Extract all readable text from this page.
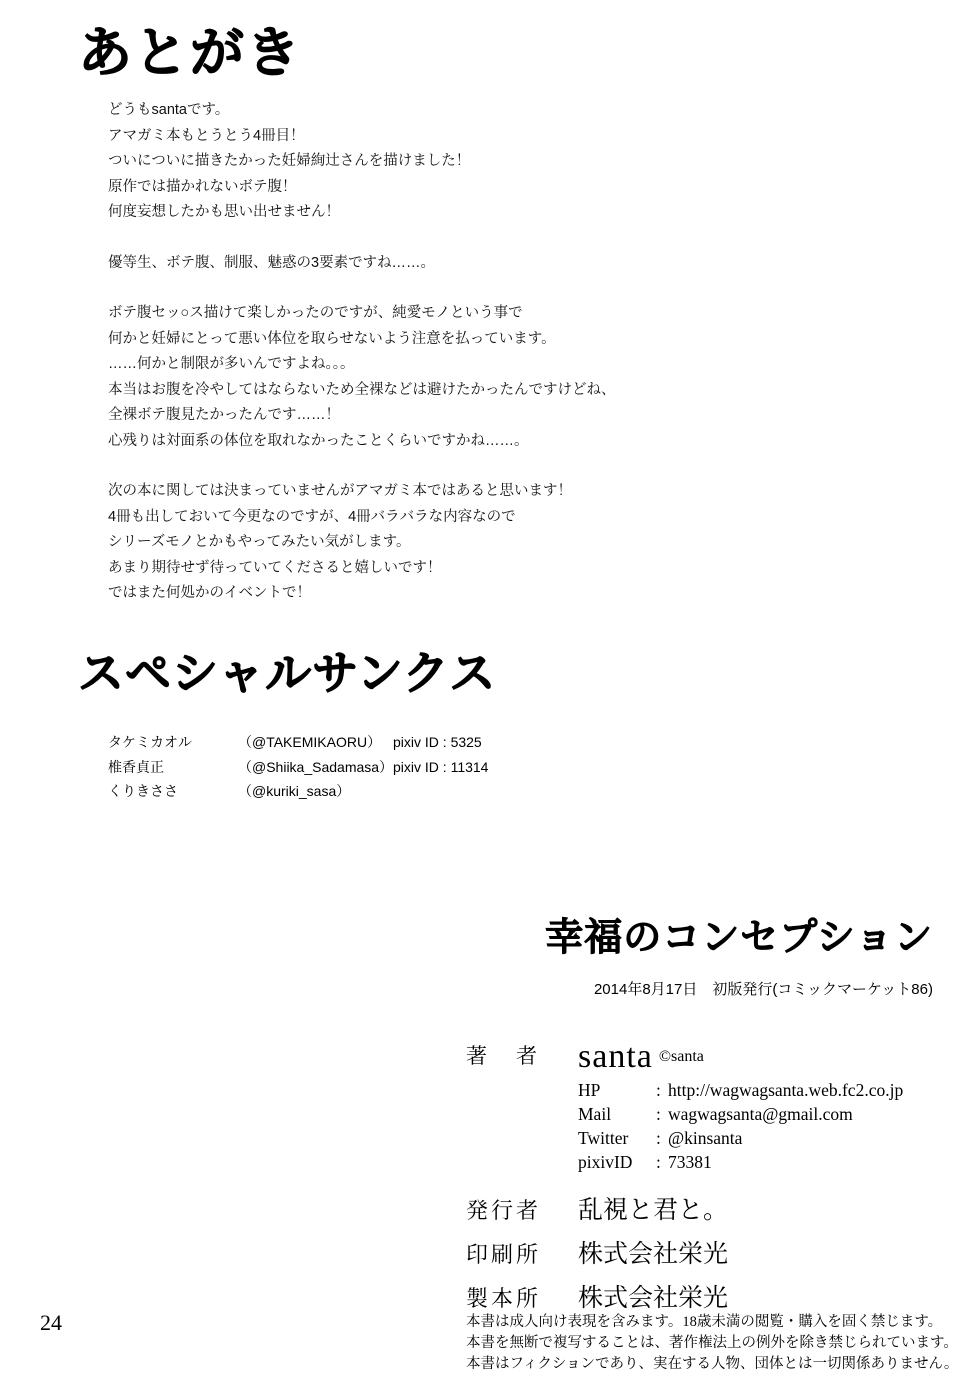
あとがき

どうもsantaです。

アマガミ本もとうとう4冊目！

ついについに描きたかった妊婦絢辻さんを描けました！

原作では描かれないボテ腹！

何度妄想したかも思い出せません！

優等生、ボテ腹、制服、魅惑の3要素ですね……。

ボテ腹セッ○ス描けて楽しかったのですが、純愛モノという事で

何かと妊婦にとって悪い体位を取らせないよう注意を払っています。

……何かと制限が多いんですよね。。。

本当はお腹を冷やしてはならないため全裸などは避けたかったんですけどね、

全裸ボテ腹見たかったんです……！

心残りは対面系の体位を取れなかったことくらいですかね……。

次の本に関しては決まっていませんがアマガミ本ではあると思います！

4冊も出しておいて今更なのですが、4冊バラバラな内容なので

シリーズモノとかもやってみたい気がします。

あまり期待せず待っていてくださると嬉しいです！

ではまた何処かのイベントで！

スペシャルサンクス
タケミカオル	（@TAKEMIKAORU） pixiv ID : 5325
椎香貞正	（@Shiika_Sadamasa） pixiv ID : 11314
くりきささ	（@kuriki_sasa）
幸福のコンセプション
2014年8月17日　初版発行(コミックマーケット86)
著　者	santa $^{©santa}$
HP	: http://wagwagsanta.web.fc2.co.jp
Mail	: wagwagsanta@gmail.com
Twitter	: @kinsanta
pixivID	: 73381
発行者	乱視と君と。
印刷所	株式会社栄光
製本所	株式会社栄光
本書は成人向け表現を含みます。18歳未満の閲覧・購入を固く禁じます。
本書を無断で複写することは、著作権法上の例外を除き禁じられています。
本書はフィクションであり、実在する人物、団体とは一切関係ありません。
24
